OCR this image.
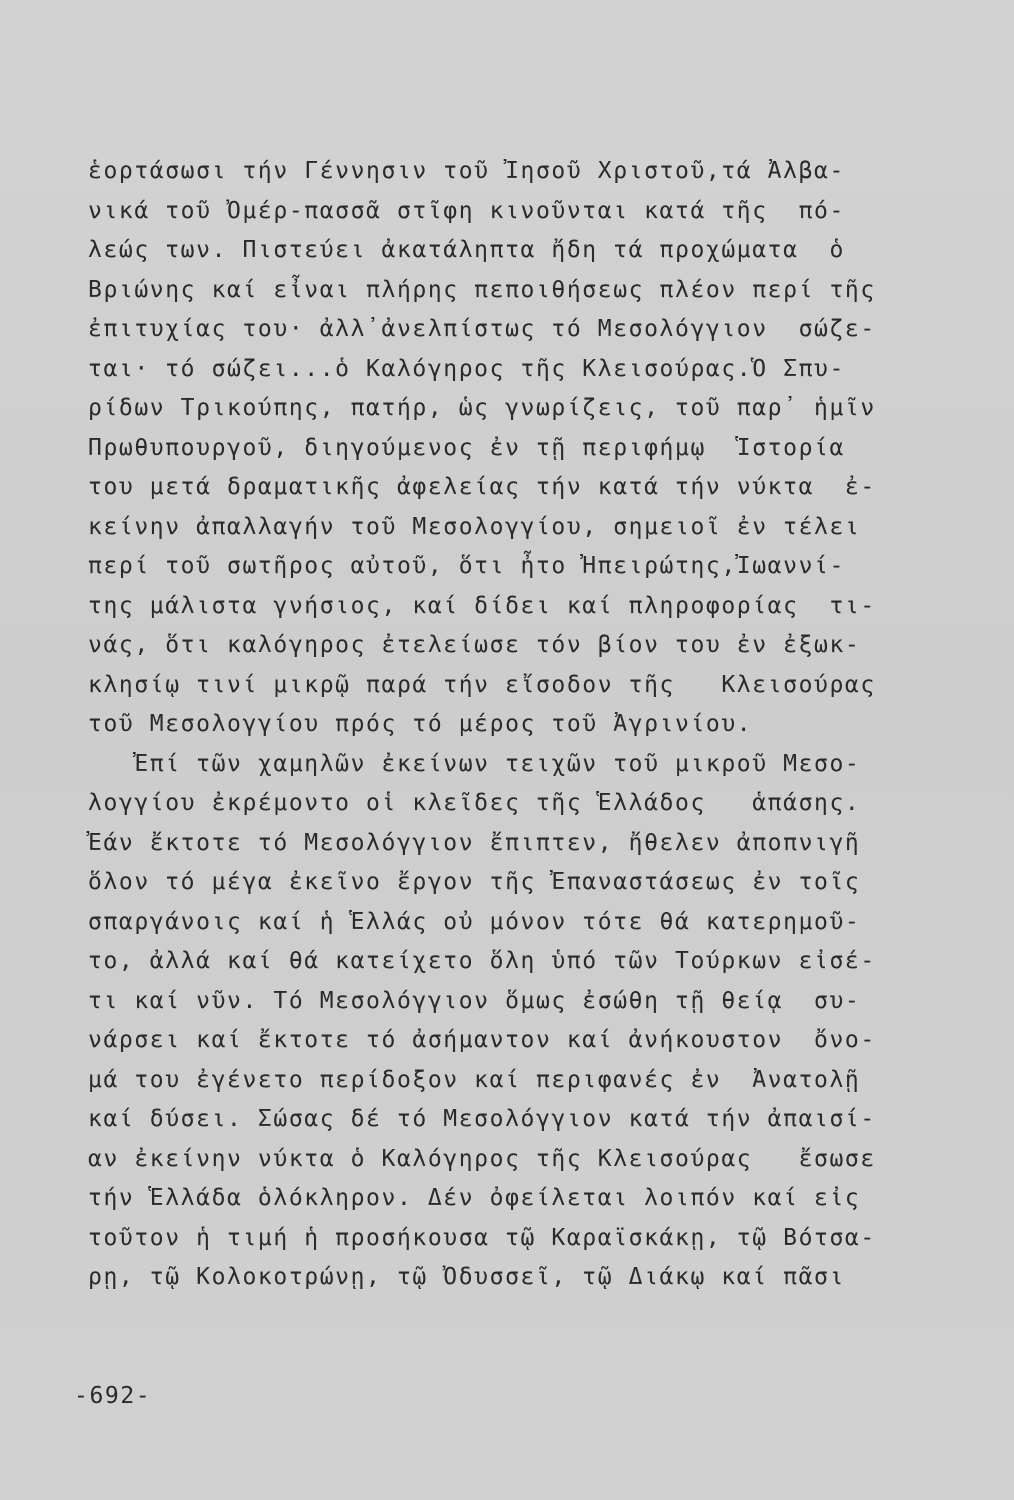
ἑορτάσωσι τήν Γέννησιν τοῦ Ἰησοῦ Χριστοῦ,τά Ἀλβα-
νικά τοῦ Ὀμέρ-πασσᾶ στῖφη κινοῦνται κατά τῆς  πό-
λεώς των. Πιστεύει ἀκατάληπτα ἤδη τά προχώματα  ὁ
Βριώνης καί εἶναι πλήρης πεποιθήσεως πλέον περί τῆς
ἐπιτυχίας του· ἀλλ᾽ἀνελπίστως τό Μεσολόγγιον  σώζε-
ται· τό σώζει...ὁ Καλόγηρος τῆς Κλεισούρας.Ὁ Σπυ-
ρίδων Τρικούπης, πατήρ, ὡς γνωρίζεις, τοῦ παρ᾽ ἡμῖν
Πρωθυπουργοῦ, διηγούμενος ἐν τῇ περιφήμῳ  Ἱστορία
του μετά δραματικῆς ἀφελείας τήν κατά τήν νύκτα  ἐ-
κείνην ἀπαλλαγήν τοῦ Μεσολογγίου, σημειοῖ ἐν τέλει
περί τοῦ σωτῆρος αὐτοῦ, ὅτι ἦτο Ἠπειρώτης,Ἰωαννί-
της μάλιστα γνήσιος, καί δίδει καί πληροφορίας  τι-
νάς, ὅτι καλόγηρος ἐτελείωσε τόν βίον του ἐν ἐξωκ-
κλησίῳ τινί μικρῷ παρά τήν εἴσοδον τῆς   Κλεισούρας
τοῦ Μεσολογγίου πρός τό μέρος τοῦ Ἀγρινίου.
Ἐπί τῶν χαμηλῶν ἐκείνων τειχῶν τοῦ μικροῦ Μεσο-
λογγίου ἐκρέμοντο οἱ κλεῖδες τῆς Ἑλλάδος   ἁπάσης.
Ἐάν ἔκτοτε τό Μεσολόγγιον ἔπιπτεν, ἤθελεν ἀποπνιγῆ
ὅλον τό μέγα ἐκεῖνο ἔργον τῆς Ἐπαναστάσεως ἐν τοῖς
σπαργάνοις καί ἡ Ἑλλάς οὐ μόνον τότε θά κατερημοῦ-
το, ἀλλά καί θά κατείχετο ὅλη ὑπό τῶν Τούρκων εἰσέ-
τι καί νῦν. Τό Μεσολόγγιον ὅμως ἐσώθη τῇ θείᾳ  συ-
νάρσει καί ἔκτοτε τό ἀσήμαντον καί ἀνήκουστον  ὄνο-
μά του ἐγένετο περίδοξον καί περιφανές ἐν  Ἀνατολῇ
καί δύσει. Σώσας δέ τό Μεσολόγγιον κατά τήν ἀπαισί-
αν ἐκείνην νύκτα ὁ Καλόγηρος τῆς Κλεισούρας   ἔσωσε
τήν Ἑλλάδα ὁλόκληρον. Δέν ὀφείλεται λοιπόν καί εἰς
τοῦτον ἡ τιμή ἡ προσήκουσα τῷ Καραϊσκάκῃ, τῷ Βότσα-
ρῃ, τῷ Κολοκοτρώνῃ, τῷ Ὀδυσσεῖ, τῷ Διάκῳ καί πᾶσι
-692-
